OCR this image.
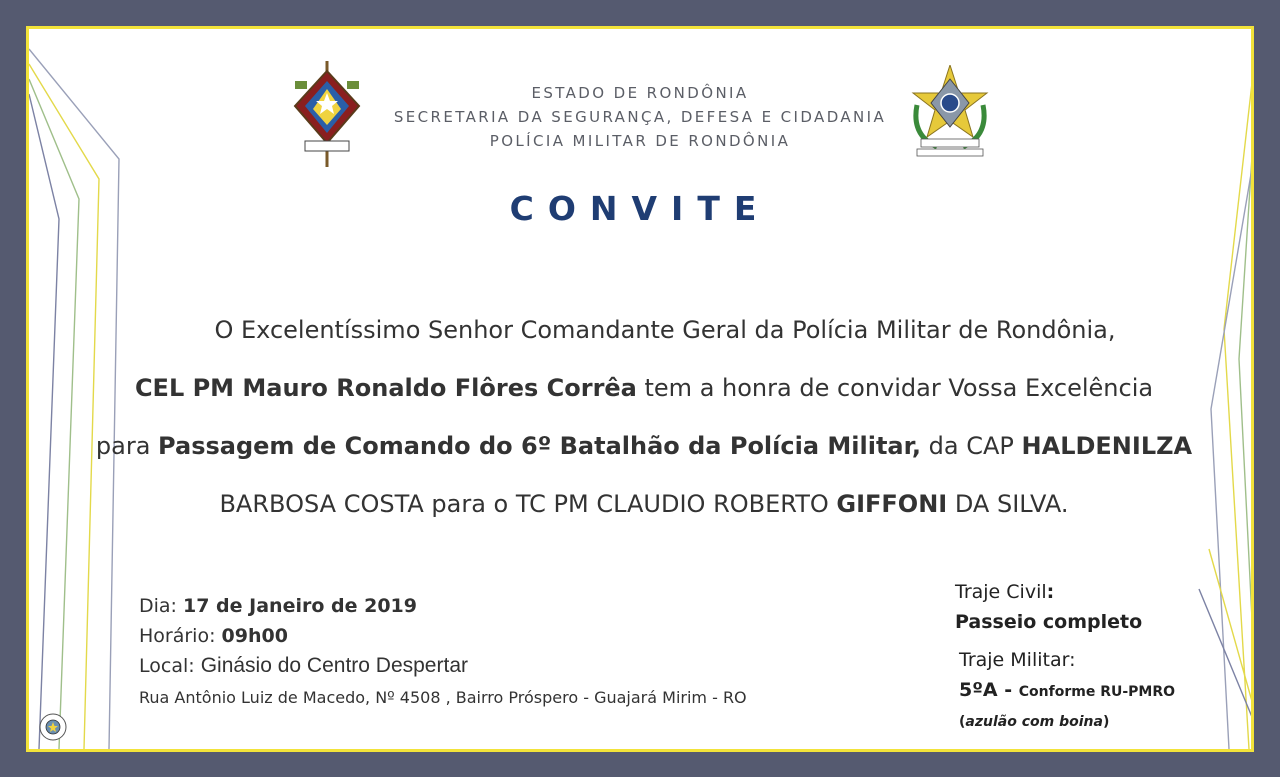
ESTADO DE RONDÔNIA
SECRETARIA DA SEGURANÇA, DEFESA E CIDADANIA
POLÍCIA MILITAR DE RONDÔNIA
CONVITE
O Excelentíssimo Senhor Comandante Geral da Polícia Militar de Rondônia,
CEL PM Mauro Ronaldo Flôres Corrêa tem a honra de convidar Vossa Excelência
para Passagem de Comando do 6º Batalhão da Polícia Militar, da CAP HALDENILZA
BARBOSA COSTA para o TC PM CLAUDIO ROBERTO GIFFONI DA SILVA.
Dia: 17 de Janeiro de 2019
Horário: 09h00
Local: Ginásio do Centro Despertar
Rua Antônio Luiz de Macedo, Nº 4508 , Bairro Próspero - Guajará Mirim - RO
Traje Civil:
Passeio completo
Traje Militar:
5ºA - Conforme RU-PMRO
(azulão com boina)
